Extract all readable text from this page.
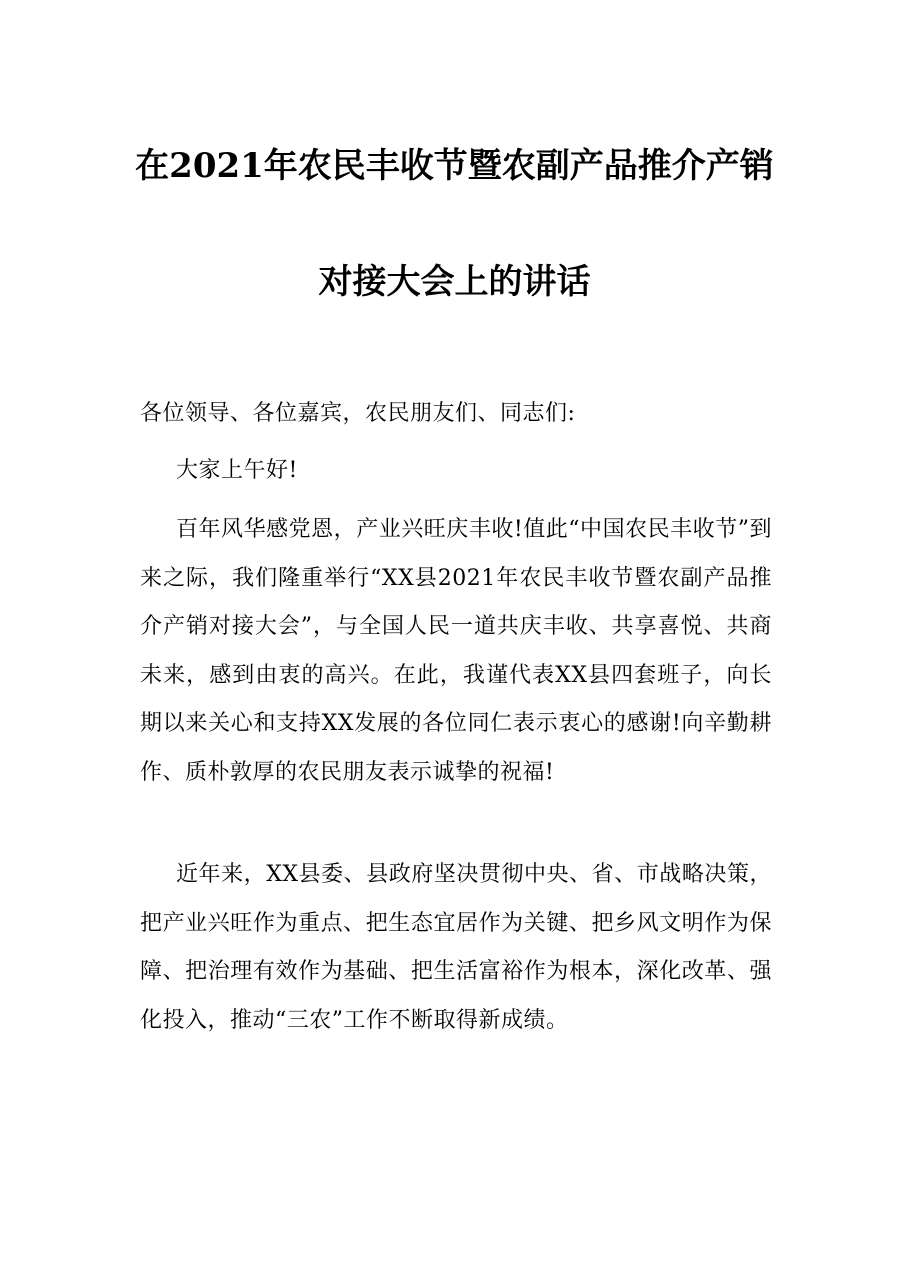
在2021年农民丰收节暨农副产品推介产销
对接大会上的讲话

各位领导、各位嘉宾，农民朋友们、同志们:

大家上午好!

百年风华感党恩，产业兴旺庆丰收!值此“中国农民丰收节”到来之际，我们隆重举行“XX县2021年农民丰收节暨农副产品推介产销对接大会”，与全国人民一道共庆丰收、共享喜悦、共商未来，感到由衷的高兴。在此，我谨代表XX县四套班子，向长期以来关心和支持XX发展的各位同仁表示衷心的感谢!向辛勤耕作、质朴敦厚的农民朋友表示诚挚的祝福!

近年来，XX县委、县政府坚决贯彻中央、省、市战略决策，把产业兴旺作为重点、把生态宜居作为关键、把乡风文明作为保障、把治理有效作为基础、把生活富裕作为根本，深化改革、强化投入，推动“三农”工作不断取得新成绩。
